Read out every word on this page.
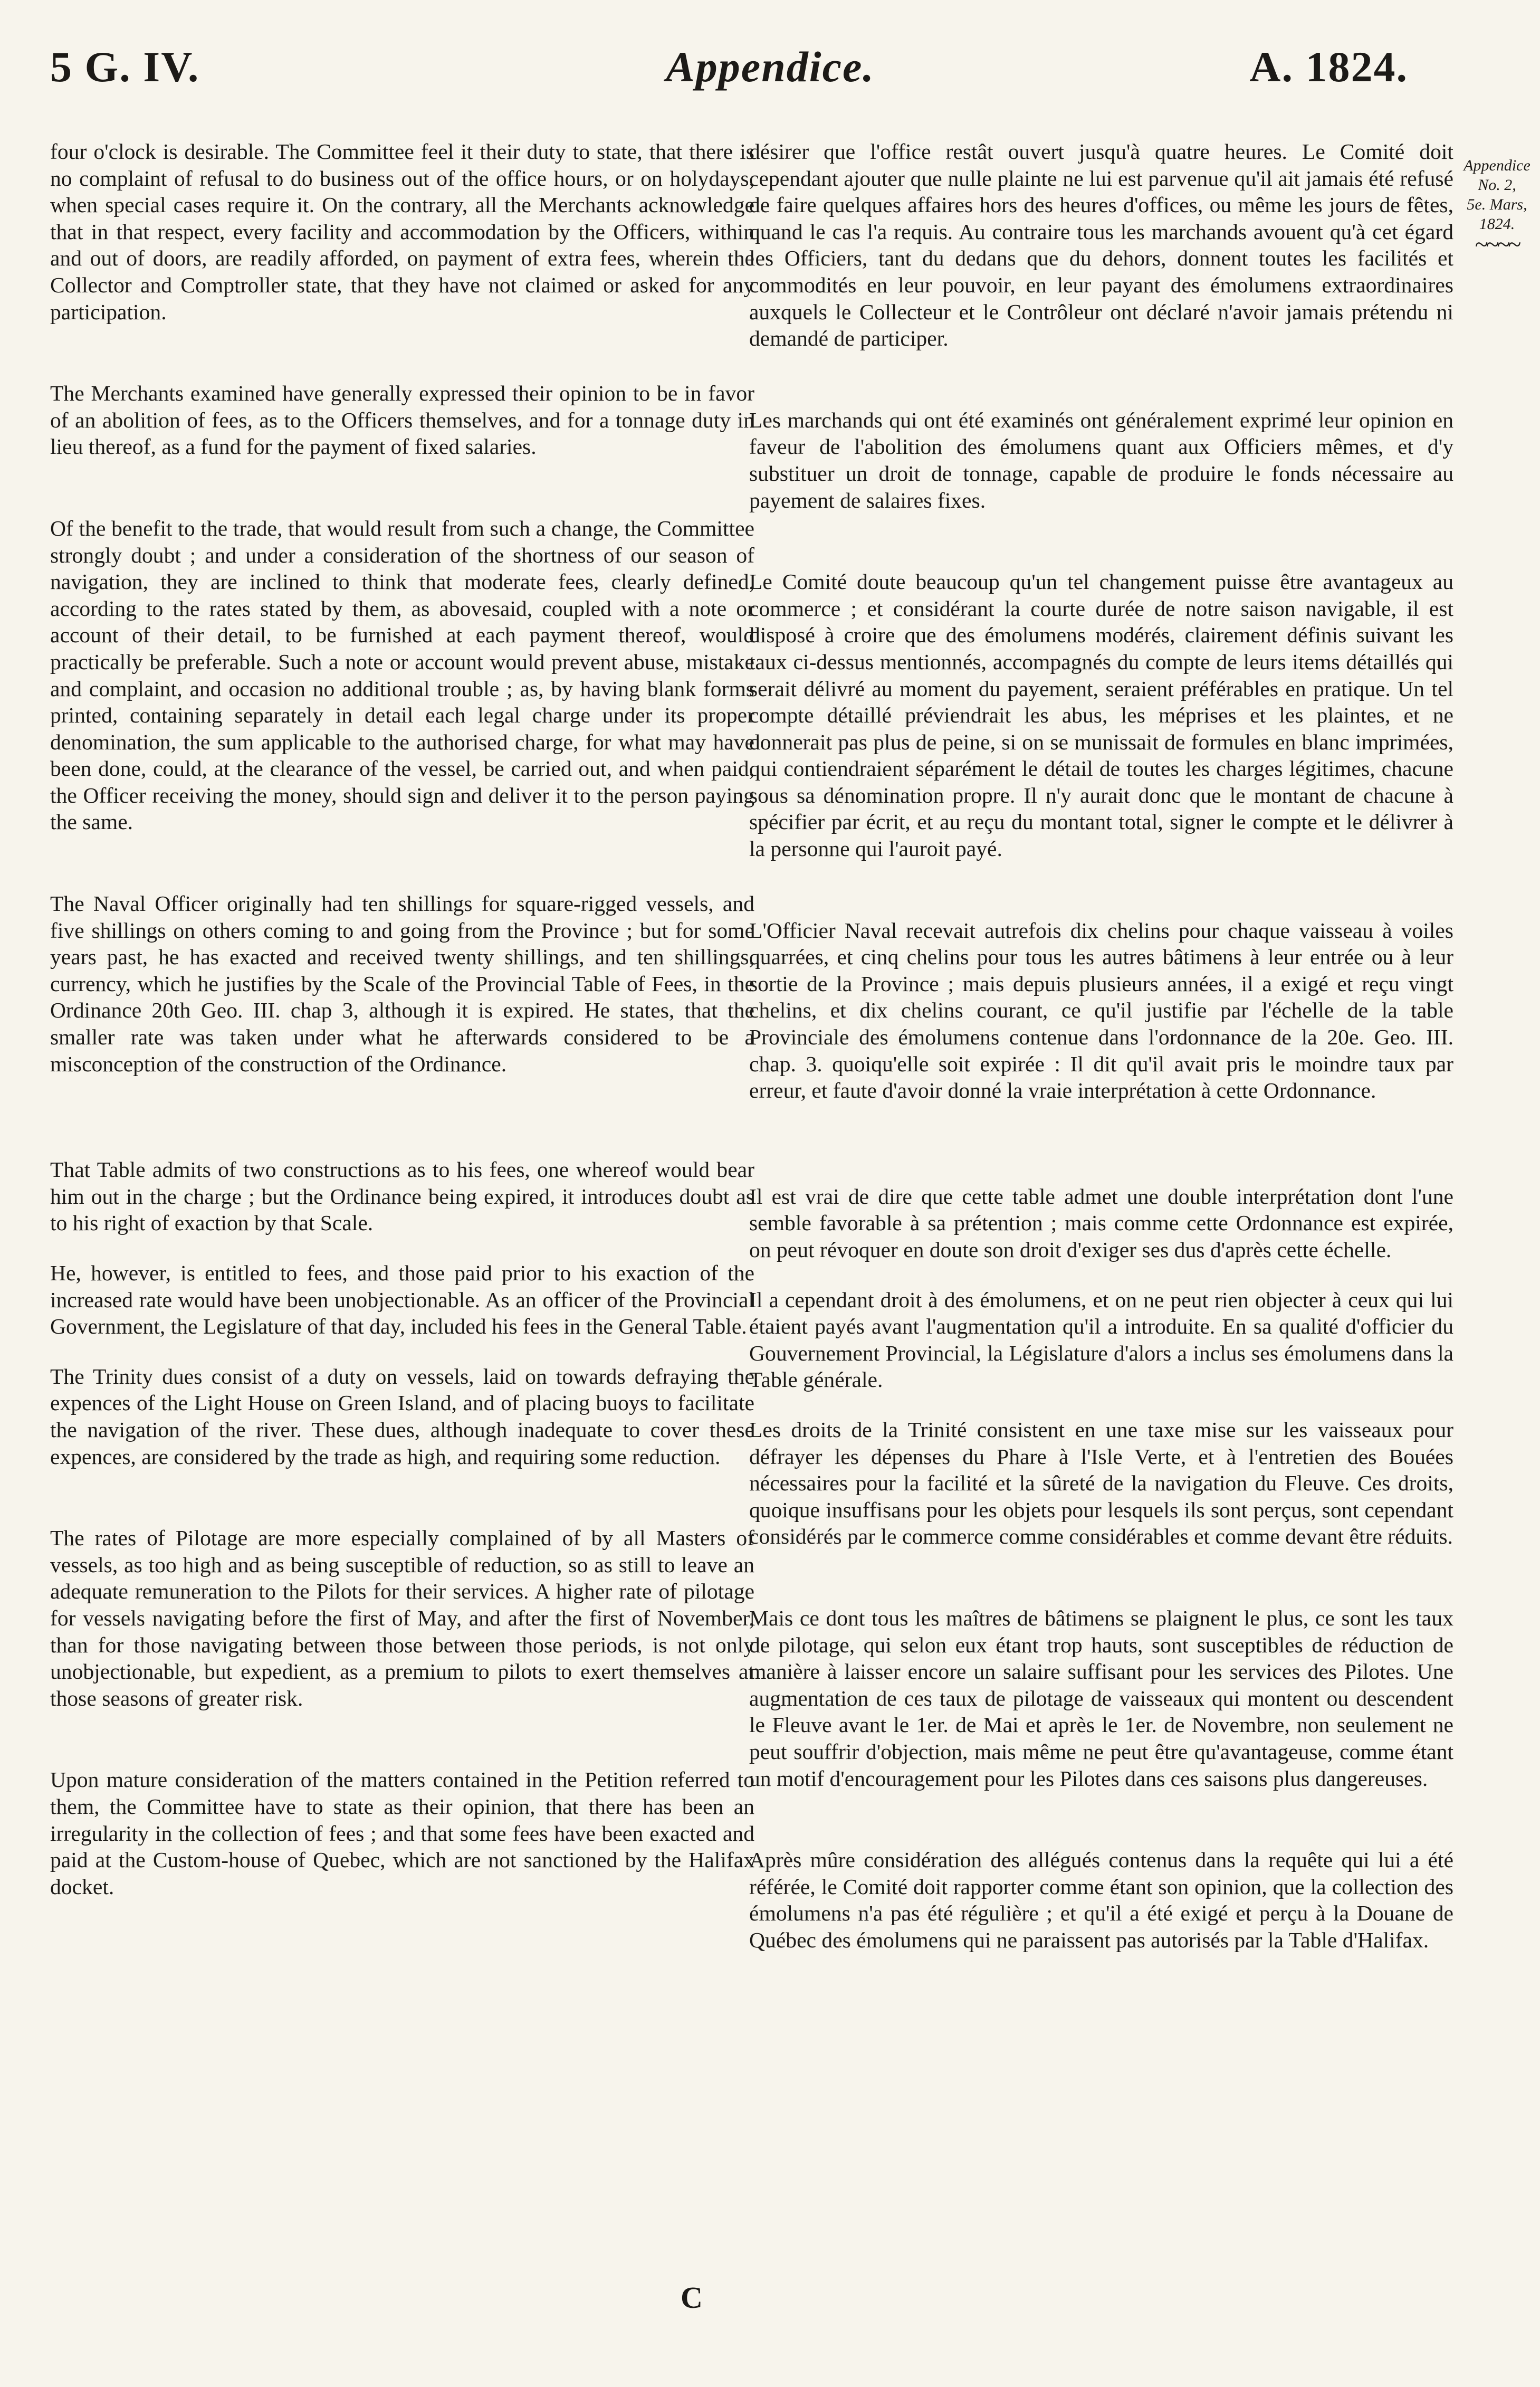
5 G. IV.	Appendice.	A. 1824.
Appendice
No. 2,
5e. Mars,
1824.
~~~~

four o'clock is desirable. The Committee feel it their duty to state, that there is no complaint of refusal to do business out of the office hours, or on holydays, when special cases require it. On the contrary, all the Merchants acknowledge that in that respect, every facility and accommodation by the Officers, within and out of doors, are readily afforded, on payment of extra fees, wherein the Collector and Comptroller state, that they have not claimed or asked for any participation.

The Merchants examined have generally expressed their opinion to be in favor of an abolition of fees, as to the Officers themselves, and for a tonnage duty in lieu thereof, as a fund for the payment of fixed salaries.

Of the benefit to the trade, that would result from such a change, the Committee strongly doubt ; and under a consideration of the shortness of our season of navigation, they are inclined to think that moderate fees, clearly defined, according to the rates stated by them, as abovesaid, coupled with a note or account of their detail, to be furnished at each payment thereof, would practically be preferable. Such a note or account would prevent abuse, mistake and complaint, and occasion no additional trouble ; as, by having blank forms printed, containing separately in detail each legal charge under its proper denomination, the sum applicable to the authorised charge, for what may have been done, could, at the clearance of the vessel, be carried out, and when paid, the Officer receiving the money, should sign and deliver it to the person paying the same.

The Naval Officer originally had ten shillings for square-rigged vessels, and five shillings on others coming to and going from the Province ; but for some years past, he has exacted and received twenty shillings, and ten shillings, currency, which he justifies by the Scale of the Provincial Table of Fees, in the Ordinance 20th Geo. III. chap 3, although it is expired. He states, that the smaller rate was taken under what he afterwards considered to be a misconception of the construction of the Ordinance.

That Table admits of two constructions as to his fees, one whereof would bear him out in the charge ; but the Ordinance being expired, it introduces doubt as to his right of exaction by that Scale.

He, however, is entitled to fees, and those paid prior to his exaction of the increased rate would have been unobjectionable. As an officer of the Provincial Government, the Legislature of that day, included his fees in the General Table.

The Trinity dues consist of a duty on vessels, laid on towards defraying the expences of the Light House on Green Island, and of placing buoys to facilitate the navigation of the river. These dues, although inadequate to cover these expences, are considered by the trade as high, and requiring some reduction.

The rates of Pilotage are more especially complained of by all Masters of vessels, as too high and as being susceptible of reduction, so as still to leave an adequate remuneration to the Pilots for their services. A higher rate of pilotage for vessels navigating before the first of May, and after the first of November, than for those navigating between those between those periods, is not only unobjectionable, but expedient, as a premium to pilots to exert themselves at those seasons of greater risk.

Upon mature consideration of the matters contained in the Petition referred to them, the Committee have to state as their opinion, that there has been an irregularity in the collection of fees ; and that some fees have been exacted and paid at the Custom-house of Quebec, which are not sanctioned by the Halifax docket.

désirer que l'office restât ouvert jusqu'à quatre heures. Le Comité doit cependant ajouter que nulle plainte ne lui est parvenue qu'il ait jamais été refusé de faire quelques affaires hors des heures d'offices, ou même les jours de fêtes, quand le cas l'a requis. Au contraire tous les marchands avouent qu'à cet égard les Officiers, tant du dedans que du dehors, donnent toutes les facilités et commodités en leur pouvoir, en leur payant des émolumens extraordinaires auxquels le Collecteur et le Contrôleur ont déclaré n'avoir jamais prétendu ni demandé de participer.

Les marchands qui ont été examinés ont généralement exprimé leur opinion en faveur de l'abolition des émolumens quant aux Officiers mêmes, et d'y substituer un droit de tonnage, capable de produire le fonds nécessaire au payement de salaires fixes.

Le Comité doute beaucoup qu'un tel changement puisse être avantageux au commerce ; et considérant la courte durée de notre saison navigable, il est disposé à croire que des émolumens modérés, clairement définis suivant les taux ci-dessus mentionnés, accompagnés du compte de leurs items détaillés qui serait délivré au moment du payement, seraient préférables en pratique. Un tel compte détaillé préviendrait les abus, les méprises et les plaintes, et ne donnerait pas plus de peine, si on se munissait de formules en blanc imprimées, qui contiendraient séparément le détail de toutes les charges légitimes, chacune sous sa dénomination propre. Il n'y aurait donc que le montant de chacune à spécifier par écrit, et au reçu du montant total, signer le compte et le délivrer à la personne qui l'auroit payé.

L'Officier Naval recevait autrefois dix chelins pour chaque vaisseau à voiles quarrées, et cinq chelins pour tous les autres bâtimens à leur entrée ou à leur sortie de la Province ; mais depuis plusieurs années, il a exigé et reçu vingt chelins, et dix chelins courant, ce qu'il justifie par l'échelle de la table Provinciale des émolumens contenue dans l'ordonnance de la 20e. Geo. III. chap. 3. quoiqu'elle soit expirée : Il dit qu'il avait pris le moindre taux par erreur, et faute d'avoir donné la vraie interprétation à cette Ordonnance.

Il est vrai de dire que cette table admet une double interprétation dont l'une semble favorable à sa prétention ; mais comme cette Ordonnance est expirée, on peut révoquer en doute son droit d'exiger ses dus d'après cette échelle.

Il a cependant droit à des émolumens, et on ne peut rien objecter à ceux qui lui étaient payés avant l'augmentation qu'il a introduite. En sa qualité d'officier du Gouvernement Provincial, la Législature d'alors a inclus ses émolumens dans la Table générale.

Les droits de la Trinité consistent en une taxe mise sur les vaisseaux pour défrayer les dépenses du Phare à l'Isle Verte, et à l'entretien des Bouées nécessaires pour la facilité et la sûreté de la navigation du Fleuve. Ces droits, quoique insuffisans pour les objets pour lesquels ils sont perçus, sont cependant considérés par le commerce comme considérables et comme devant être réduits.

Mais ce dont tous les maîtres de bâtimens se plaignent le plus, ce sont les taux de pilotage, qui selon eux étant trop hauts, sont susceptibles de réduction de manière à laisser encore un salaire suffisant pour les services des Pilotes. Une augmentation de ces taux de pilotage de vaisseaux qui montent ou descendent le Fleuve avant le 1er. de Mai et après le 1er. de Novembre, non seulement ne peut souffrir d'objection, mais même ne peut être qu'avantageuse, comme étant un motif d'encouragement pour les Pilotes dans ces saisons plus dangereuses.

Après mûre considération des allégués contenus dans la requête qui lui a été référée, le Comité doit rapporter comme étant son opinion, que la collection des émolumens n'a pas été régulière ; et qu'il a été exigé et perçu à la Douane de Québec des émolumens qui ne paraissent pas autorisés par la Table d'Halifax.

C
